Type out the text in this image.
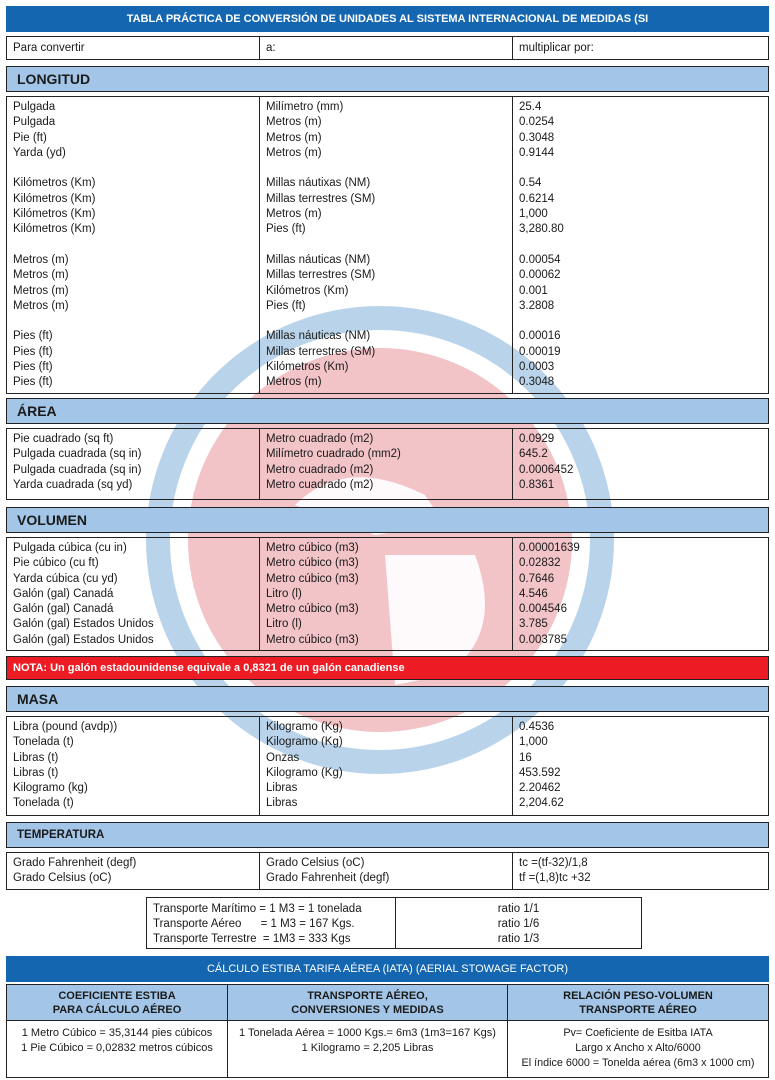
TABLA PRÁCTICA DE CONVERSIÓN DE UNIDADES AL SISTEMA INTERNACIONAL DE MEDIDAS (SI
Para convertir	a:	multiplicar por:
LONGITUD
Pulgada
Pulgada
Pie (ft)
Yarda (yd)
Kilómetros (Km)
Kilómetros (Km)
Kilómetros (Km)
Kilómetros (Km)
Metros (m)
Metros (m)
Metros (m)
Metros (m)
Pies (ft)
Pies (ft)
Pies (ft)
Pies (ft)
Milímetro (mm)
Metros (m)
Metros (m)
Metros (m)
Millas náutixas (NM)
Millas terrestres (SM)
Metros (m)
Pies (ft)
Millas náuticas (NM)
Millas terrestres (SM)
Kilómetros (Km)
Pies (ft)
Millas náuticas (NM)
Millas terrestres (SM)
Kilómetros (Km)
Metros (m)
25.4
0.0254
0.3048
0.9144
0.54
0.6214
1,000
3,280.80
0.00054
0.00062
0.001
3.2808
0.00016
0.00019
0.0003
0.3048
ÁREA
Pie cuadrado (sq ft)
Pulgada cuadrada (sq in)
Pulgada cuadrada (sq in)
Yarda cuadrada (sq yd)
Metro cuadrado (m2)
Milímetro cuadrado (mm2)
Metro cuadrado (m2)
Metro cuadrado (m2)
0.0929
645.2
0.0006452
0.8361
VOLUMEN
Pulgada cúbica (cu in)
Pie cúbico (cu ft)
Yarda cúbica (cu yd)
Galón (gal) Canadá
Galón (gal) Canadá
Galón (gal) Estados Unidos
Galón (gal) Estados Unidos
Metro cúbico (m3)
Metro cúbico (m3)
Metro cúbico (m3)
Litro (l)
Metro cúbico (m3)
Litro (l)
Metro cúbico (m3)
0.00001639
0.02832
0.7646
4.546
0.004546
3.785
0.003785
NOTA: Un galón estadounidense equivale a 0,8321 de un galón canadiense
MASA
Libra (pound (avdp))
Tonelada (t)
Libras (t)
Libras (t)
Kilogramo (kg)
Tonelada (t)
Kilogramo (Kg)
Kilogramo (Kg)
Onzas
Kilogramo (Kg)
Libras
Libras
0.4536
1,000
16
453.592
2.20462
2,204.62
TEMPERATURA
Grado Fahrenheit (degf)
Grado Celsius (oC)
Grado Celsius (oC)
Grado Fahrenheit (degf)
tc =(tf-32)/1,8
tf =(1,8)tc +32
Transporte Marítimo = 1 M3 = 1 tonelada
Transporte Aéreo      = 1 M3 = 167 Kgs.
Transporte Terrestre  = 1M3 = 333 Kgs
ratio 1/1
ratio 1/6
ratio 1/3
CÁLCULO ESTIBA TARIFA AÉREA (IATA) (AERIAL STOWAGE FACTOR)
COEFICIENTE ESTIBA
PARA CÁLCULO AÉREO
1 Metro Cúbico = 35,3144 pies cúbicos
1 Pie Cúbico = 0,02832 metros cúbicos
TRANSPORTE AÉREO,
CONVERSIONES Y MEDIDAS
1 Tonelada Aérea = 1000 Kgs.= 6m3 (1m3=167 Kgs)
1 Kilogramo = 2,205 Libras
RELACIÓN PESO-VOLUMEN
TRANSPORTE AÉREO
Pv= Coeficiente de Esitba IATA
Largo x Ancho x Alto/6000
El índice 6000 = Tonelda aérea (6m3 x 1000 cm)
